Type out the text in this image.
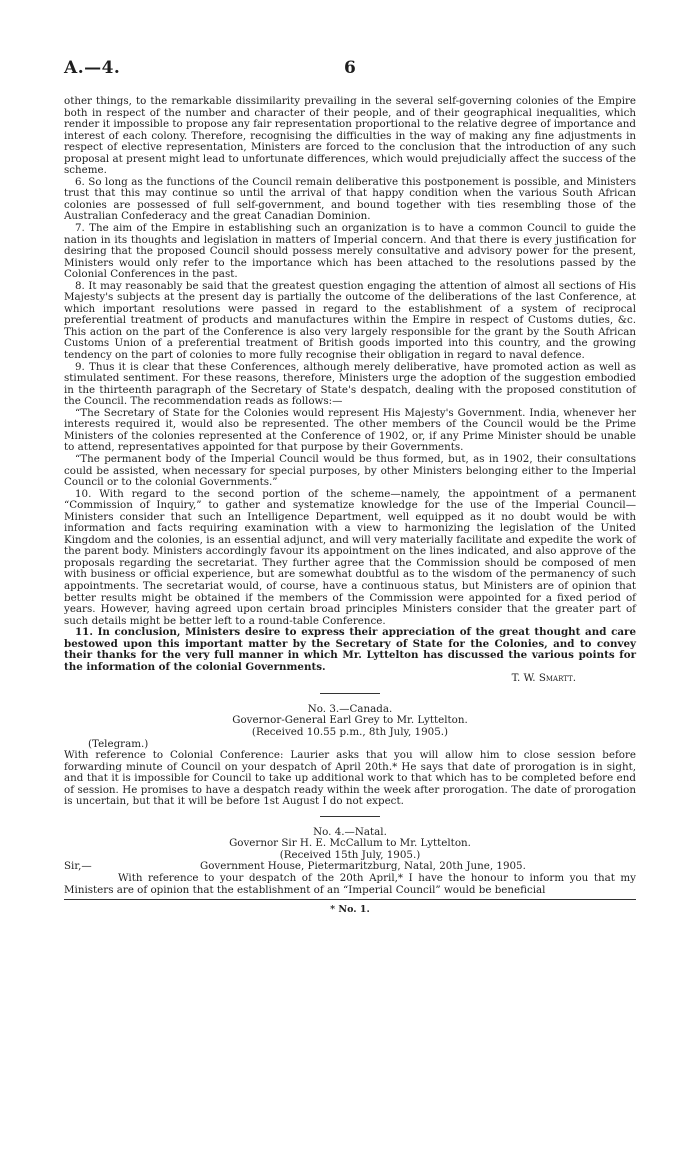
A.—4.	6

other things, to the remarkable dissimilarity prevailing in the several self-governing colonies of the Empire both in respect of the number and character of their people, and of their geographical inequalities, which render it impossible to propose any fair representation proportional to the relative degree of importance and interest of each colony. Therefore, recognising the difficulties in the way of making any fine adjustments in respect of elective representation, Ministers are forced to the conclusion that the introduction of any such proposal at present might lead to unfortunate differences, which would prejudicially affect the success of the scheme.

6. So long as the functions of the Council remain deliberative this postponement is possible, and Ministers trust that this may continue so until the arrival of that happy condition when the various South African colonies are possessed of full self-government, and bound together with ties resembling those of the Australian Confederacy and the great Canadian Dominion.

7. The aim of the Empire in establishing such an organization is to have a common Council to guide the nation in its thoughts and legislation in matters of Imperial concern. And that there is every justification for desiring that the proposed Council should possess merely consultative and advisory power for the present, Ministers would only refer to the importance which has been attached to the resolutions passed by the Colonial Conferences in the past.

8. It may reasonably be said that the greatest question engaging the attention of almost all sections of His Majesty's subjects at the present day is partially the outcome of the deliberations of the last Conference, at which important resolutions were passed in regard to the establishment of a system of reciprocal preferential treatment of products and manufactures within the Empire in respect of Customs duties, &c. This action on the part of the Conference is also very largely responsible for the grant by the South African Customs Union of a preferential treatment of British goods imported into this country, and the growing tendency on the part of colonies to more fully recognise their obligation in regard to naval defence.

9. Thus it is clear that these Conferences, although merely deliberative, have promoted action as well as stimulated sentiment. For these reasons, therefore, Ministers urge the adoption of the suggestion embodied in the thirteenth paragraph of the Secretary of State's despatch, dealing with the proposed constitution of the Council. The recommendation reads as follows:—

“The Secretary of State for the Colonies would represent His Majesty's Government. India, whenever her interests required it, would also be represented. The other members of the Council would be the Prime Ministers of the colonies represented at the Conference of 1902, or, if any Prime Minister should be unable to attend, representatives appointed for that purpose by their Governments.

“The permanent body of the Imperial Council would be thus formed, but, as in 1902, their consultations could be assisted, when necessary for special purposes, by other Ministers belonging either to the Imperial Council or to the colonial Governments.”

10. With regard to the second portion of the scheme—namely, the appointment of a permanent “Commission of Inquiry,” to gather and systematize knowledge for the use of the Imperial Council—Ministers consider that such an Intelligence Department, well equipped as it no doubt would be with information and facts requiring examination with a view to harmonizing the legislation of the United Kingdom and the colonies, is an essential adjunct, and will very materially facilitate and expedite the work of the parent body. Ministers accordingly favour its appointment on the lines indicated, and also approve of the proposals regarding the secretariat. They further agree that the Commission should be composed of men with business or official experience, but are somewhat doubtful as to the wisdom of the permanency of such appointments. The secretariat would, of course, have a continuous status, but Ministers are of opinion that better results might be obtained if the members of the Commission were appointed for a fixed period of years. However, having agreed upon certain broad principles Ministers consider that the greater part of such details might be better left to a round-table Conference.

11. In conclusion, Ministers desire to express their appreciation of the great thought and care bestowed upon this important matter by the Secretary of State for the Colonies, and to convey their thanks for the very full manner in which Mr. Lyttelton has discussed the various points for the information of the colonial Governments.

T. W. Smartt.
No. 3.—Canada.
Governor-General Earl Grey to Mr. Lyttelton.
(Received 10.55 p.m., 8th July, 1905.)
(Telegram.)

With reference to Colonial Conference: Laurier asks that you will allow him to close session before forwarding minute of Council on your despatch of April 20th.* He says that date of prorogation is in sight, and that it is impossible for Council to take up additional work to that which has to be completed before end of session. He promises to have a despatch ready within the week after prorogation. The date of prorogation is uncertain, but that it will be before 1st August I do not expect.

No. 4.—Natal.
Governor Sir H. E. McCallum to Mr. Lyttelton.
(Received 15th July, 1905.)
Sir,—	Government House, Pietermaritzburg, Natal, 20th June, 1905.

With reference to your despatch of the 20th April,* I have the honour to inform you that my Ministers are of opinion that the establishment of an “Imperial Council” would be beneficial

* No. 1.
